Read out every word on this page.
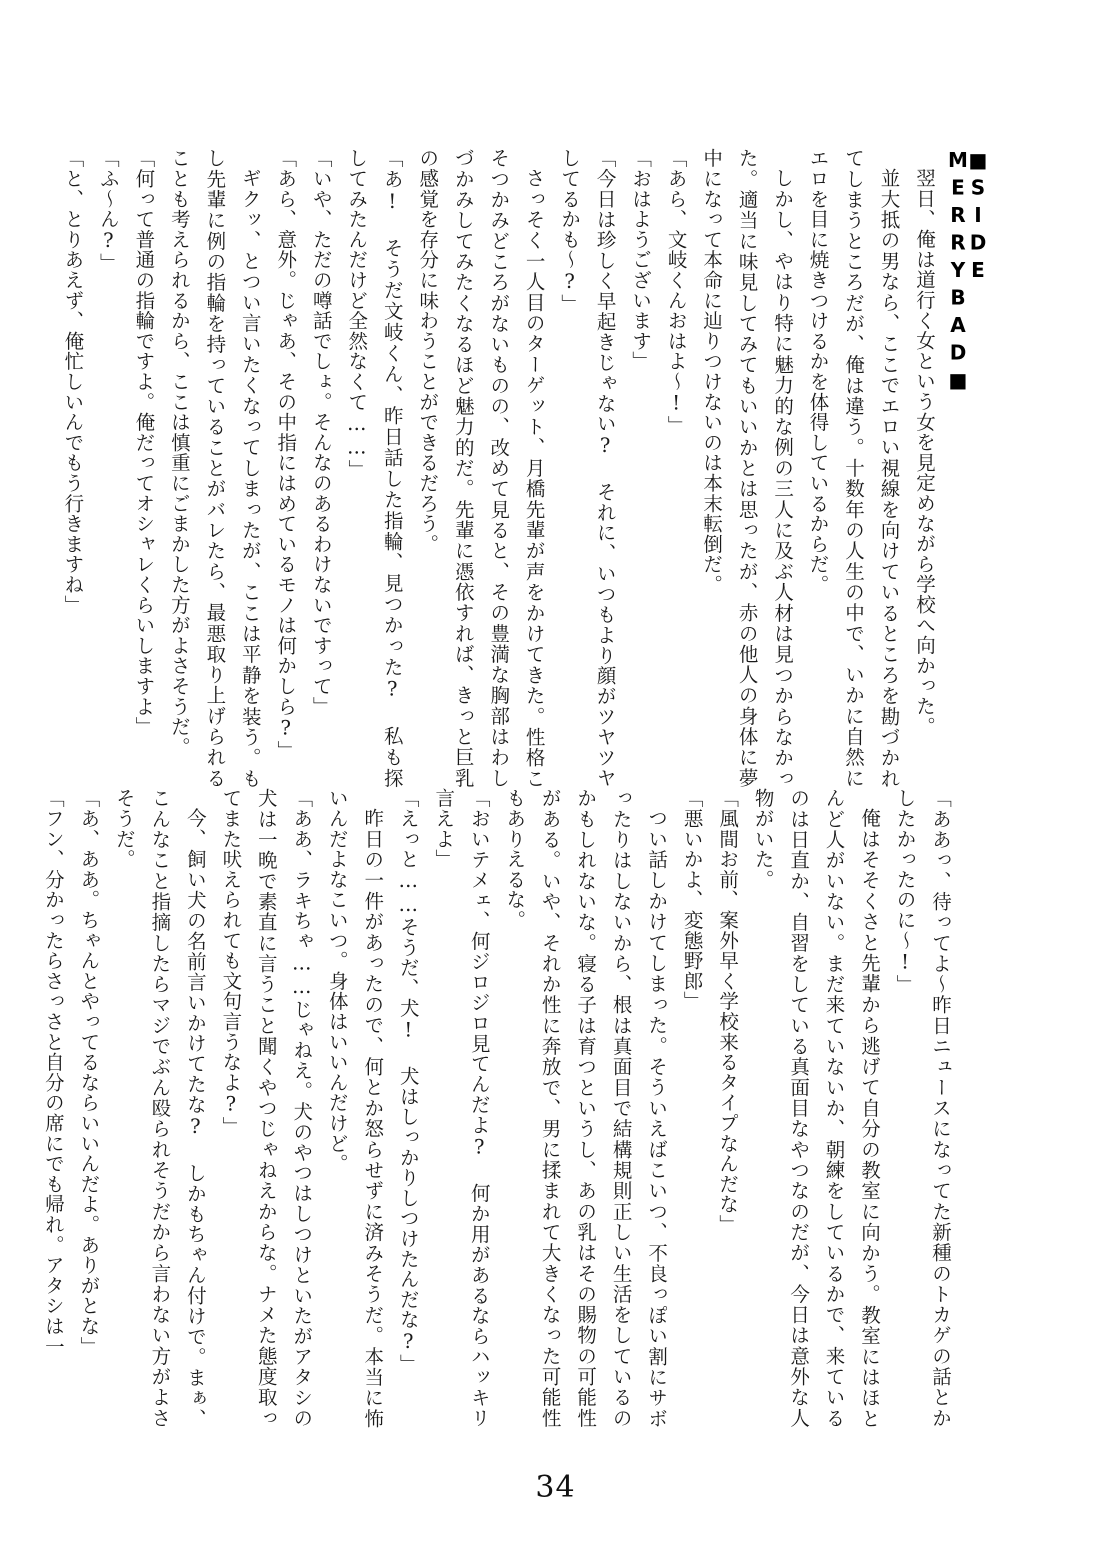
■SIDE MERRYBAD■

翌日、俺は道行く女という女を見定めながら学校へ向かった。

並大抵の男なら、ここでエロい視線を向けているところを勘づかれてしまうところだが、俺は違う。十数年の人生の中で、いかに自然にエロを目に焼きつけるかを体得しているからだ。

しかし、やはり特に魅力的な例の三人に及ぶ人材は見つからなかった。適当に味見してみてもいいかとは思ったが、赤の他人の身体に夢中になって本命に辿りつけないのは本末転倒だ。

「あら、文岐くんおはよ～!」

「おはようございます」

「今日は珍しく早起きじゃない? それに、いつもより顔がツヤツヤしてるかも～?」

さっそく一人目のターゲット、月橋先輩が声をかけてきた。性格こそつかみどころがないものの、改めて見ると、その豊満な胸部はわしづかみしてみたくなるほど魅力的だ。先輩に憑依すれば、きっと巨乳の感覚を存分に味わうことができるだろう。

「あ! そうだ文岐くん、昨日話した指輪、見つかった? 私も探してみたんだけど全然なくて……」

「いや、ただの噂話でしょ。そんなのあるわけないですって」

「あら、意外。じゃあ、その中指にはめているモノは何かしら?」

ギクッ、とつい言いたくなってしまったが、ここは平静を装う。もし先輩に例の指輪を持っていることがバレたら、最悪取り上げられることも考えられるから、ここは慎重にごまかした方がよさそうだ。

「何って普通の指輪ですよ。俺だってオシャレくらいしますよ」

「ふ～ん?」

「と、とりあえず、俺忙しいんでもう行きますね」

「ああっ、待ってよ～昨日ニュースになってた新種のトカゲの話とかしたかったのに～!」

俺はそそくさと先輩から逃げて自分の教室に向かう。教室にはほとんど人がいない。まだ来ていないか、朝練をしているかで、来ているのは日直か、自習をしている真面目なやつなのだが、今日は意外な人物がいた。

「風間お前、案外早く学校来るタイプなんだな」

「悪いかよ、変態野郎」

つい話しかけてしまった。そういえばこいつ、不良っぽい割にサボったりはしないから、根は真面目で結構規則正しい生活をしているのかもしれないな。寝る子は育つというし、あの乳はその賜物の可能性がある。いや、それか性に奔放で、男に揉まれて大きくなった可能性もありえるな。

「おいテメェ、何ジロジロ見てんだよ? 何か用があるならハッキリ言えよ」

「えっと……そうだ、犬! 犬はしっかりしつけたんだな?」

昨日の一件があったので、何とか怒らせずに済みそうだ。本当に怖いんだよなこいつ。身体はいいんだけど。

「ああ、ラキちゃ……じゃねえ。犬のやつはしつけといたがアタシの犬は一晩で素直に言うこと聞くやつじゃねえからな。ナメた態度取ってまた吠えられても文句言うなよ?」

今、飼い犬の名前言いかけてたな? しかもちゃん付けで。まぁ、こんなこと指摘したらマジでぶん殴られそうだから言わない方がよさそうだ。

「あ、ああ。ちゃんとやってるならいいんだよ。ありがとな」

「フン、分かったらさっさと自分の席にでも帰れ。アタシは一

34
